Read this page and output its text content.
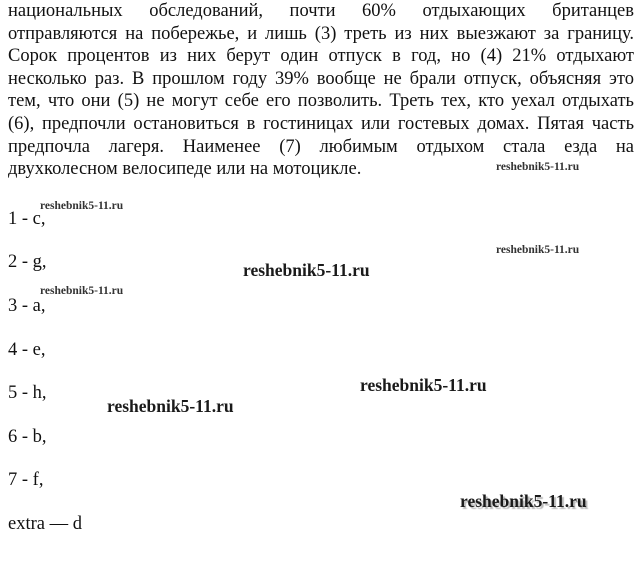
национальных обследований, почти 60% отдыхающих британцев
отправляются на побережье, и лишь (3) треть из них выезжают за границу.
Сорок процентов из них берут один отпуск в год, но (4) 21% отдыхают
несколько раз. В прошлом году 39% вообще не брали отпуск, объясняя это
тем, что они (5) не могут себе его позволить. Треть тех, кто уехал отдыхать
(6), предпочли остановиться в гостиницах или гостевых домах. Пятая часть
предпочла лагеря. Наименее (7) любимым отдыхом стала езда на
двухколесном велосипеде или на мотоцикле.
1 - c,
2 - g,
3 - a,
4 - e,
5 - h,
6 - b,
7 - f,
extra — d
reshebnik5-11.ru
reshebnik5-11.ru
reshebnik5-11.ru
reshebnik5-11.ru
reshebnik5-11.ru
reshebnik5-11.ru
reshebnik5-11.ru
reshebnik5-11.ru
